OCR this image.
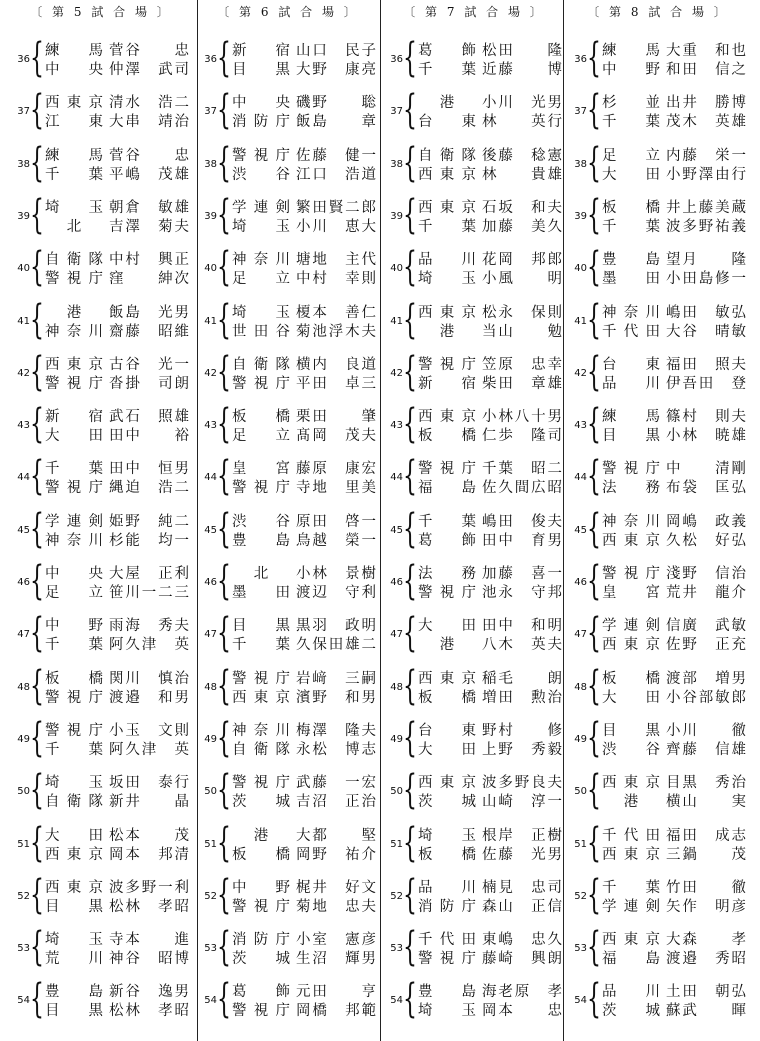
〔 第 5 試 合 場 〕
36 { 練　馬 菅谷　　忠
中　央 仲澤　武司
37 { 西東京 清水　浩二
江　東 大串　靖治
38 { 練　馬 菅谷　　忠
千　葉 平嶋　茂雄
39 { 埼　玉 朝倉　敏雄
北	吉澤　菊夫
40 { 自衛隊 中村　興正
警視庁 窪　　紳次
41 {	港	飯島　光男
神奈川 齋藤　昭維
42 { 西東京 古谷　光一
警視庁 沓掛　司朗
43 { 新　宿 武石　照雄
大　田 田中　　裕
44 { 千　葉 田中　恒男
警視庁 縄迫　浩二
45 { 学連剣 姫野　純二
神奈川 杉能　均一
46 { 中　央 大屋　正利
足　立 笹川一二三
47 { 中　野 雨海　秀夫
千　葉 阿久津　英
48 { 板　橋 関川　慎治
警視庁 渡邉　和男
49 { 警視庁 小玉　文則
千　葉 阿久津　英
50 { 埼　玉 坂田　泰行
自衛隊 新井　　晶
51 { 大　田 松本　　茂
西東京 岡本　邦清
52 { 西東京 波多野一利
目　黒 松林　孝昭
53 { 埼　玉 寺本　　進
荒　川 神谷　昭博
54 { 豊　島 新谷　逸男
目　黒 松林　孝昭
〔 第 6 試 合 場 〕
36 { 新　宿 山口　民子
目　黒 大野　康亮
37 { 中　央 磯野　　聡
消防庁 飯島　　章
38 { 警視庁 佐藤　健一
渋　谷 江口　浩道
39 { 学連剣 繁田賢二郎
埼　玉 小川　恵大
40 { 神奈川 塘地　主代
足　立 中村　幸則
41 { 埼　玉 榎本　善仁
世田谷 菊池浮木夫
42 { 自衛隊 横内　良道
警視庁 平田　卓三
43 { 板　橋 栗田　　肇
足　立 髙岡　茂夫
44 { 皇　宮 藤原　康宏
警視庁 寺地　里美
45 { 渋　谷 原田　啓一
豊　島 鳥越　榮一
46 {	北	小林　景樹
墨　田 渡辺　守利
47 { 目　黒 黒羽　政明
千　葉 久保田雄二
48 { 警視庁 岩﨑　三嗣
西東京 濱野　和男
49 { 神奈川 梅澤　隆夫
自衛隊 永松　博志
50 { 警視庁 武藤　一宏
茨　城 吉沼　正治
51 {	港	大都　　堅
板　橋 岡野　祐介
52 { 中　野 梶井　好文
警視庁 菊地　忠夫
53 { 消防庁 小室　憲彦
茨　城 生沼　輝男
54 { 葛　飾 元田　　亨
警視庁 岡橋　邦範
〔 第 7 試 合 場 〕
36 { 葛　飾 松田　　隆
千　葉 近藤　　博
37 {	港	小川　光男
台　東 林　　英行
38 { 自衛隊 後藤　稔憲
西東京 林　　貴雄
39 { 西東京 石坂　和夫
千　葉 加藤　美久
40 { 品　川 花岡　邦郎
埼　玉 小風　　明
41 { 西東京 松永　保則
港	当山　　勉
42 { 警視庁 笠原　忠幸
新　宿 柴田　章雄
43 { 西東京 小林八十男
板　橋 仁歩　隆司
44 { 警視庁 千葉　昭二
福　島 佐久間広昭
45 { 千　葉 嶋田　俊夫
葛　飾 田中　育男
46 { 法　務 加藤　喜一
警視庁 池永　守邦
47 { 大　田 田中　和明
港	八木　英夫
48 { 西東京 稲毛　　朗
板　橋 増田　勲治
49 { 台　東 野村　　修
大　田 上野　秀毅
50 { 西東京 波多野良夫
茨　城 山崎　淳一
51 { 埼　玉 根岸　正樹
板　橋 佐藤　光男
52 { 品　川 楠見　忠司
消防庁 森山　正信
53 { 千代田 東嶋　忠久
警視庁 藤崎　興朗
54 { 豊　島 海老原　孝
埼　玉 岡本　　忠
〔 第 8 試 合 場 〕
36 { 練　馬 大重　和也
中　野 和田　信之
37 { 杉　並 出井　勝博
千　葉 茂木　英雄
38 { 足　立 内藤　栄一
大　田 小野澤由行
39 { 板　橋 井上藤美蔵
千　葉 波多野祐義
40 { 豊　島 望月　　隆
墨　田 小田島修一
41 { 神奈川 嶋田　敏弘
千代田 大谷　晴敏
42 { 台　東 福田　照夫
品　川 伊吾田　登
43 { 練　馬 篠村　則夫
目　黒 小林　暁雄
44 { 警視庁 中　　清剛
法　務 布袋　匡弘
45 { 神奈川 岡嶋　政義
西東京 久松　好弘
46 { 警視庁 淺野　信治
皇　宮 荒井　龍介
47 { 学連剣 信廣　武敏
西東京 佐野　正充
48 { 板　橋 渡部　増男
大　田 小谷部敏郎
49 { 目　黒 小川　　徹
渋　谷 齊藤　信雄
50 { 西東京 目黒　秀治
港	横山　　実
51 { 千代田 福田　成志
西東京 三鍋　　茂
52 { 千　葉 竹田　　徹
学連剣 矢作　明彦
53 { 西東京 大森　　孝
福　島 渡邉　秀昭
54 { 品　川 土田　朝弘
茨　城 蘇武　　暉
